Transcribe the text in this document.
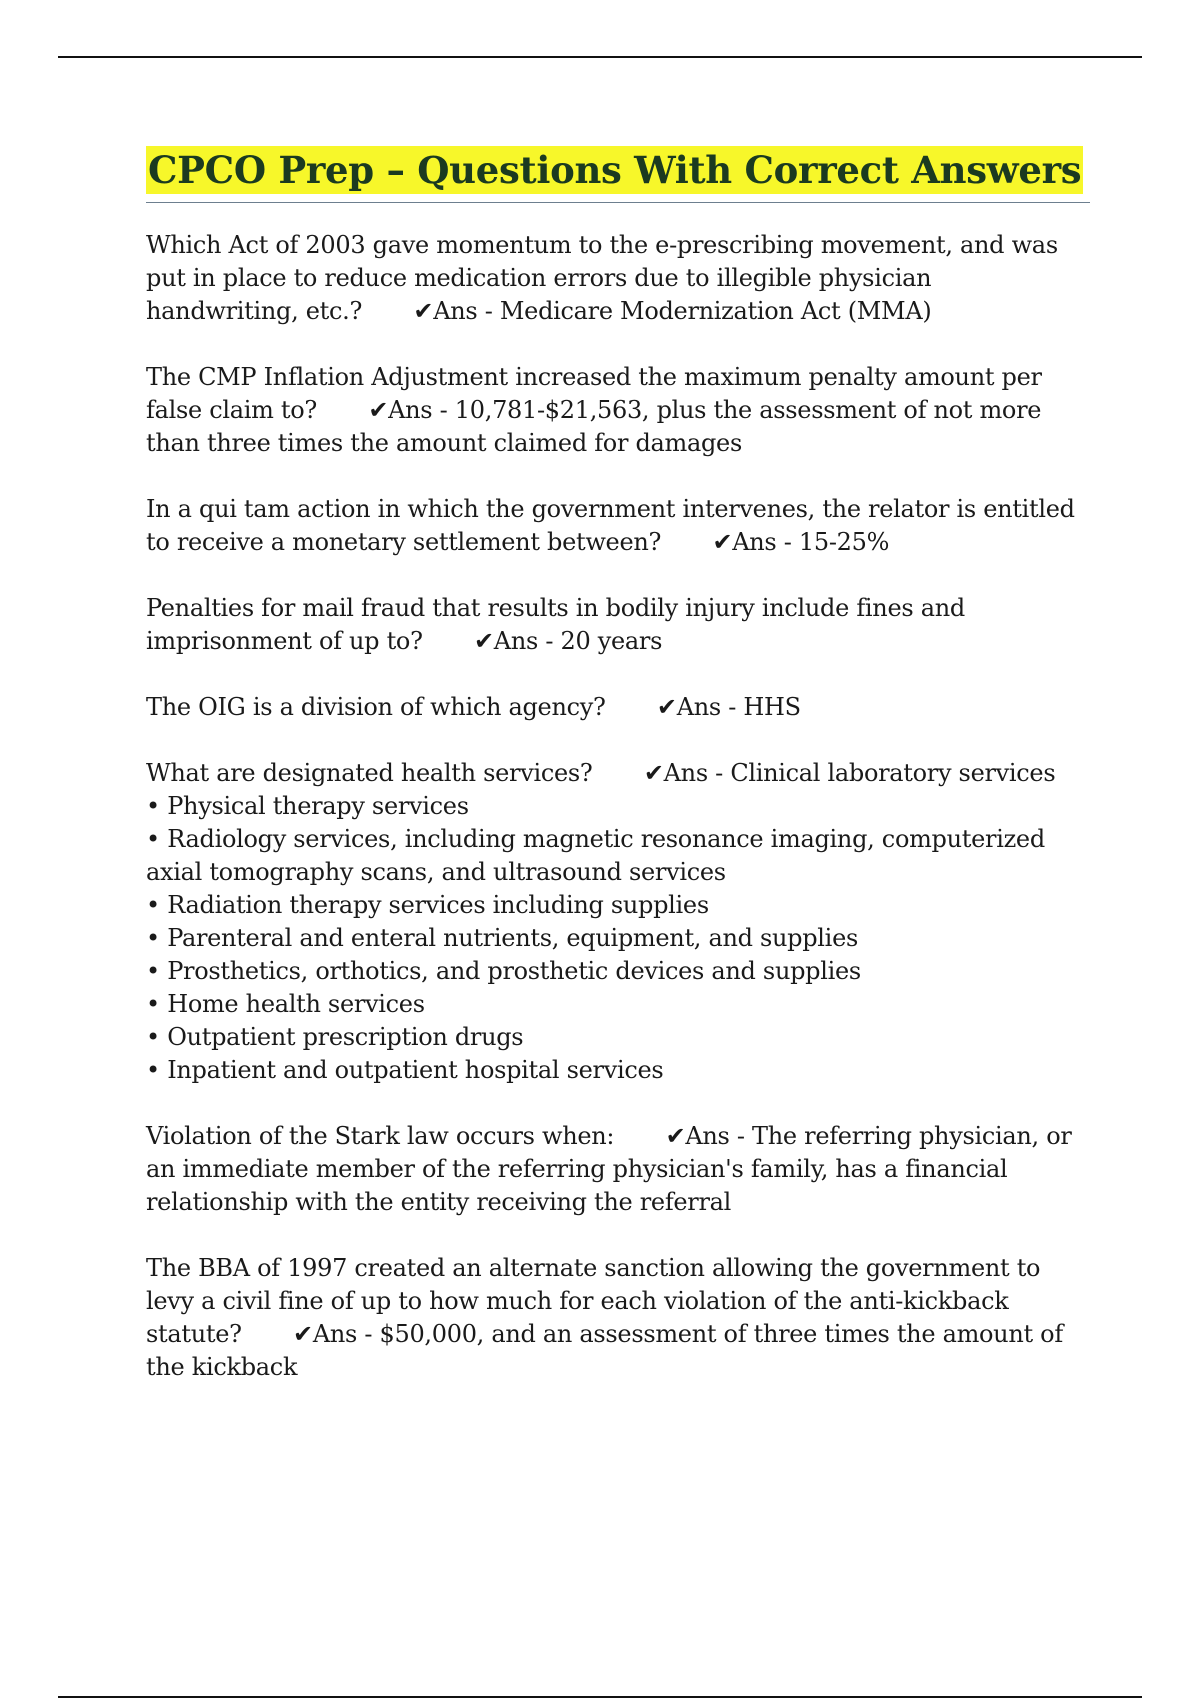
CPCO Prep – Questions With Correct Answers
Which Act of 2003 gave momentum to the e-prescribing movement, and was put in place to reduce medication errors due to illegible physician handwriting, etc.? ✔Ans - Medicare Modernization Act (MMA)
The CMP Inflation Adjustment increased the maximum penalty amount per false claim to? ✔Ans - 10,781-$21,563, plus the assessment of not more than three times the amount claimed for damages
In a qui tam action in which the government intervenes, the relator is entitled to receive a monetary settlement between? ✔Ans - 15-25%
Penalties for mail fraud that results in bodily injury include fines and imprisonment of up to? ✔Ans - 20 years
The OIG is a division of which agency? ✔Ans - HHS
What are designated health services? ✔Ans - Clinical laboratory services
• Physical therapy services
• Radiology services, including magnetic resonance imaging, computerized axial tomography scans, and ultrasound services
• Radiation therapy services including supplies
• Parenteral and enteral nutrients, equipment, and supplies
• Prosthetics, orthotics, and prosthetic devices and supplies
• Home health services
• Outpatient prescription drugs
• Inpatient and outpatient hospital services
Violation of the Stark law occurs when: ✔Ans - The referring physician, or an immediate member of the referring physician's family, has a financial relationship with the entity receiving the referral
The BBA of 1997 created an alternate sanction allowing the government to levy a civil fine of up to how much for each violation of the anti-kickback statute? ✔Ans - $50,000, and an assessment of three times the amount of the kickback
